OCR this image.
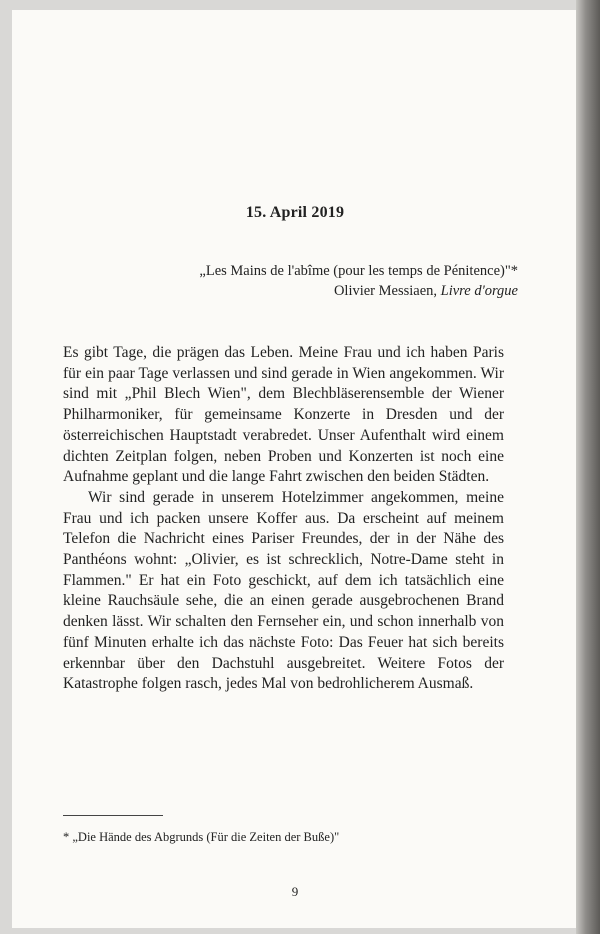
15. April 2019
„Les Mains de l'abîme (pour les temps de Pénitence)"*
Olivier Messiaen, Livre d'orgue

Es gibt Tage, die prägen das Leben. Meine Frau und ich haben Paris für ein paar Tage verlassen und sind gerade in Wien angekommen. Wir sind mit „Phil Blech Wien", dem Blechbläserensemble der Wiener Philharmoniker, für gemeinsame Konzerte in Dresden und der österreichischen Hauptstadt verabredet. Unser Aufenthalt wird einem dichten Zeitplan folgen, neben Proben und Konzerten ist noch eine Aufnahme geplant und die lange Fahrt zwischen den beiden Städten.

Wir sind gerade in unserem Hotelzimmer angekommen, meine Frau und ich packen unsere Koffer aus. Da erscheint auf meinem Telefon die Nachricht eines Pariser Freundes, der in der Nähe des Panthéons wohnt: „Olivier, es ist schrecklich, Notre-Dame steht in Flammen." Er hat ein Foto geschickt, auf dem ich tatsächlich eine kleine Rauchsäule sehe, die an einen gerade ausgebrochenen Brand denken lässt. Wir schalten den Fernseher ein, und schon innerhalb von fünf Minuten erhalte ich das nächste Foto: Das Feuer hat sich bereits erkennbar über den Dachstuhl ausgebreitet. Weitere Fotos der Katastrophe folgen rasch, jedes Mal von bedrohlicherem Ausmaß.

* „Die Hände des Abgrunds (Für die Zeiten der Buße)"
9
